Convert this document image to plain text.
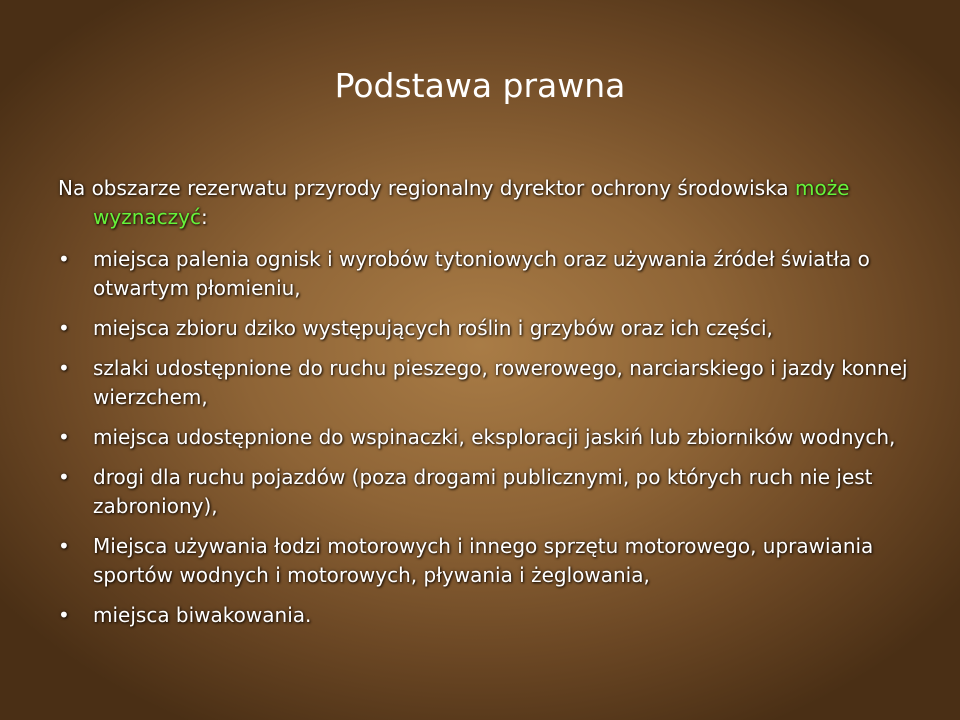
Podstawa prawna

Na obszarze rezerwatu przyrody regionalny dyrektor ochrony środowiska może wyznaczyć:

• miejsca palenia ognisk i wyrobów tytoniowych oraz używania źródeł światła o otwartym płomieniu,
• miejsca zbioru dziko występujących roślin i grzybów oraz ich części,
• szlaki udostępnione do ruchu pieszego, rowerowego, narciarskiego i jazdy konnej wierzchem,
• miejsca udostępnione do wspinaczki, eksploracji jaskiń lub zbiorników wodnych,
• drogi dla ruchu pojazdów (poza drogami publicznymi, po których ruch nie jest zabroniony),
• Miejsca używania łodzi motorowych i innego sprzętu motorowego, uprawiania sportów wodnych i motorowych, pływania i żeglowania,
• miejsca biwakowania.
